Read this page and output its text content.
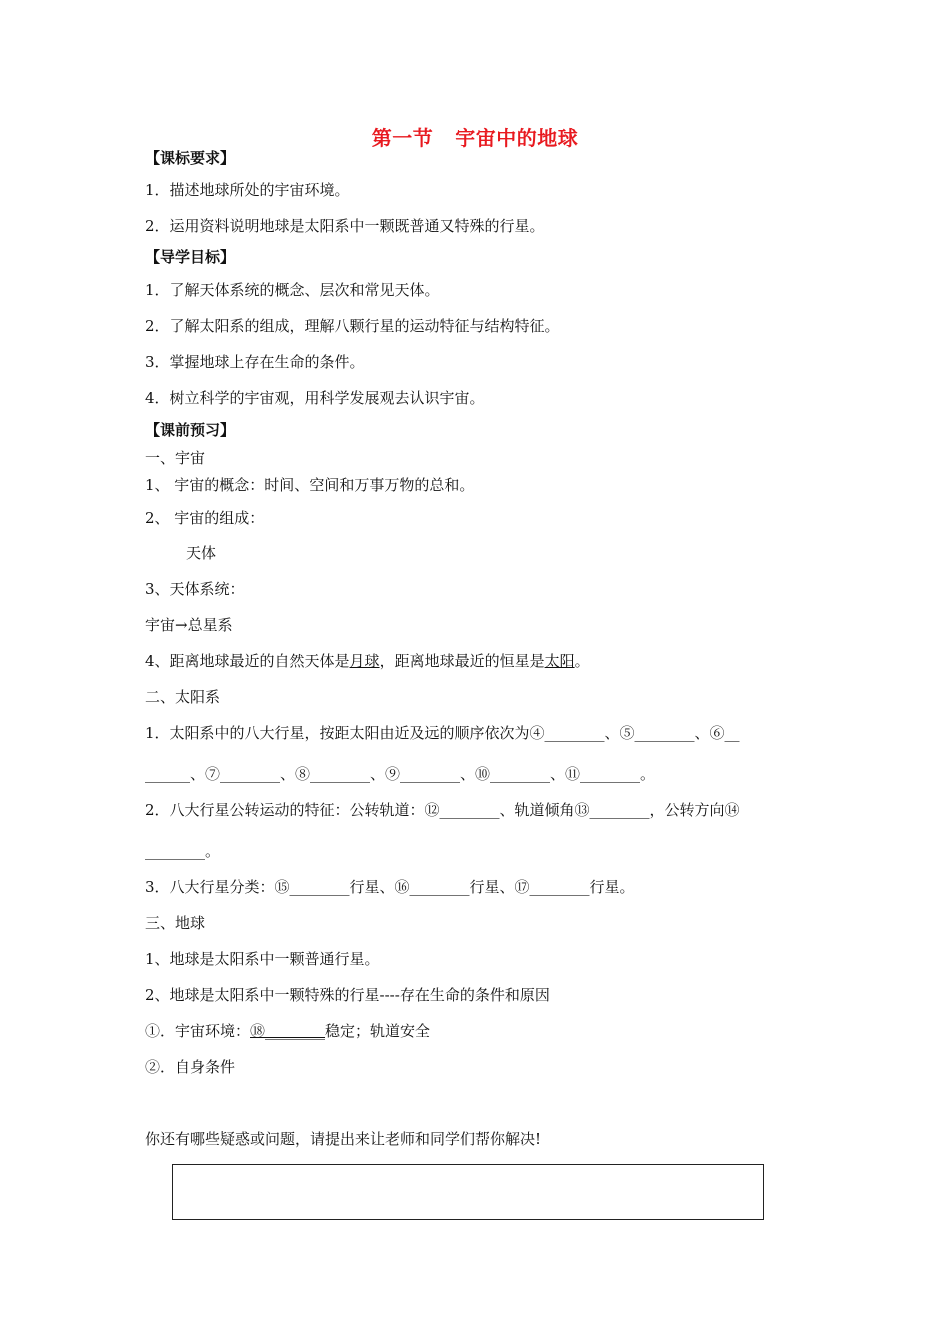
第一节 宇宙中的地球
【课标要求】
1．描述地球所处的宇宙环境。
2．运用资料说明地球是太阳系中一颗既普通又特殊的行星。
【导学目标】
1．了解天体系统的概念、层次和常见天体。
2．了解太阳系的组成，理解八颗行星的运动特征与结构特征。
3．掌握地球上存在生命的条件。
4．树立科学的宇宙观，用科学发展观去认识宇宙。
【课前预习】
一、宇宙
1、 宇宙的概念：时间、空间和万事万物的总和。
2、 宇宙的组成：
天体
3、天体系统：
宇宙→总星系
4、距离地球最近的自然天体是月球，距离地球最近的恒星是太阳。
二、太阳系
1．太阳系中的八大行星，按距太阳由近及远的顺序依次为④________、⑤________、⑥__
______、⑦________、⑧________、⑨________、⑩________、⑪________。
2．八大行星公转运动的特征：公转轨道：⑫________、轨道倾角⑬________，公转方向⑭
________。
3．八大行星分类：⑮________行星、⑯________行星、⑰________行星。
三、地球
1、地球是太阳系中一颗普通行星。
2、地球是太阳系中一颗特殊的行星----存在生命的条件和原因
①．宇宙环境：⑱________稳定；轨道安全
②．自身条件
你还有哪些疑惑或问题，请提出来让老师和同学们帮你解决!
